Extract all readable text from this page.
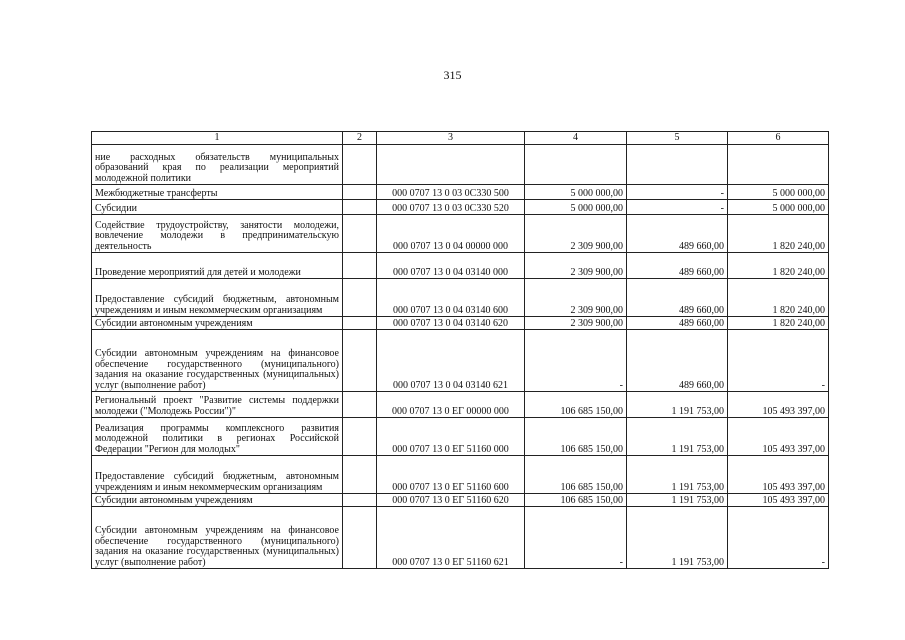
315
1	2	3	4	5	6
ние расходных обязательств муниципальных образований края по реализации мероприятий молодежной политики					
Межбюджетные трансферты		000 0707 13 0 03 0С330 500	5 000 000,00	-	5 000 000,00
Субсидии		000 0707 13 0 03 0С330 520	5 000 000,00	-	5 000 000,00
Содействие трудоустройству, занятости молодежи, вовлечение молодежи в предпринимательскую деятельность		000 0707 13 0 04 00000 000	2 309 900,00	489 660,00	1 820 240,00
Проведение мероприятий для детей и молодежи		000 0707 13 0 04 03140 000	2 309 900,00	489 660,00	1 820 240,00
Предоставление субсидий бюджетным, автономным учреждениям и иным некоммерческим организациям		000 0707 13 0 04 03140 600	2 309 900,00	489 660,00	1 820 240,00
Субсидии автономным учреждениям		000 0707 13 0 04 03140 620	2 309 900,00	489 660,00	1 820 240,00
Субсидии автономным учреждениям на финансовое обеспечение государственного (муниципального) задания на оказание государственных (муниципальных) услуг (выполнение работ)		000 0707 13 0 04 03140 621	-	489 660,00	-
Региональный проект "Развитие системы поддержки молодежи ("Молодежь России")"		000 0707 13 0 ЕГ 00000 000	106 685 150,00	1 191 753,00	105 493 397,00
Реализация программы комплексного развития молодежной политики в регионах Российской Федерации "Регион для молодых"		000 0707 13 0 ЕГ 51160 000	106 685 150,00	1 191 753,00	105 493 397,00
Предоставление субсидий бюджетным, автономным учреждениям и иным некоммерческим организациям		000 0707 13 0 ЕГ 51160 600	106 685 150,00	1 191 753,00	105 493 397,00
Субсидии автономным учреждениям		000 0707 13 0 ЕГ 51160 620	106 685 150,00	1 191 753,00	105 493 397,00
Субсидии автономным учреждениям на финансовое обеспечение государственного (муниципального) задания на оказание государственных (муниципальных) услуг (выполнение работ)		000 0707 13 0 ЕГ 51160 621	-	1 191 753,00	-
